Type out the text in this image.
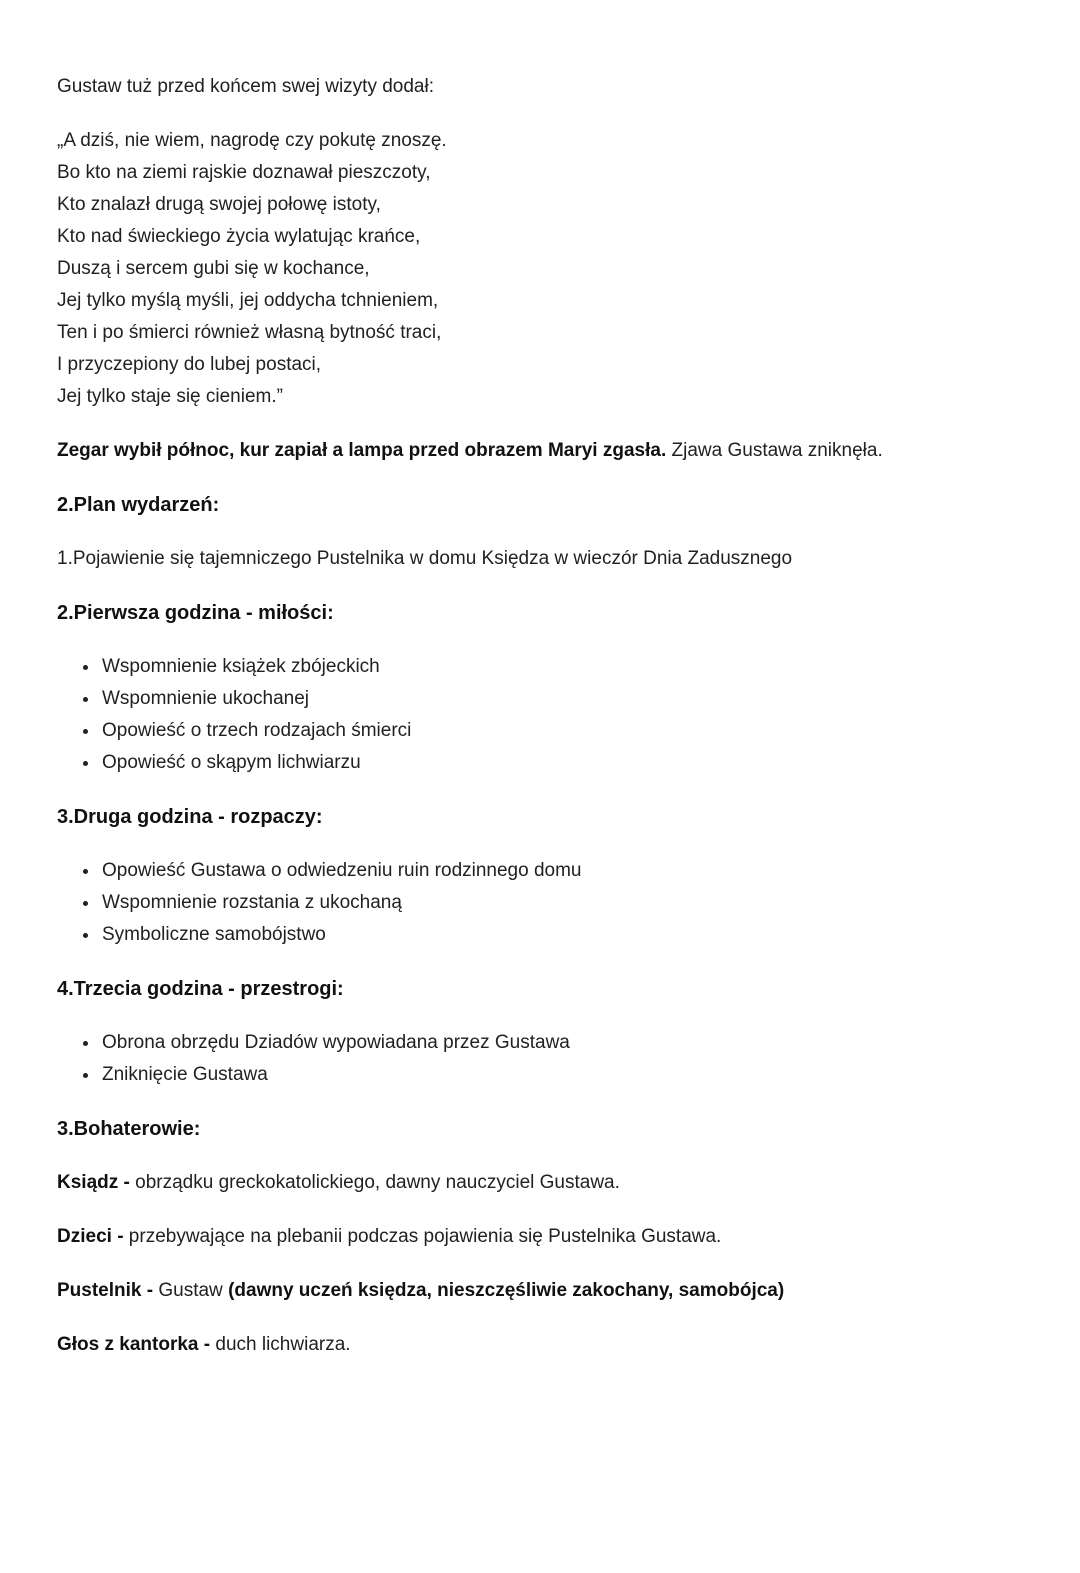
Gustaw tuż przed końcem swej wizyty dodał:

„A dziś, nie wiem, nagrodę czy pokutę znoszę.
Bo kto na ziemi rajskie doznawał pieszczoty,
Kto znalazł drugą swojej połowę istoty,
Kto nad świeckiego życia wylatując krańce,
Duszą i sercem gubi się w kochance,
Jej tylko myślą myśli, jej oddycha tchnieniem,
Ten i po śmierci również własną bytność traci,
I przyczepiony do lubej postaci,
Jej tylko staje się cieniem.”

Zegar wybił północ, kur zapiał a lampa przed obrazem Maryi zgasła. Zjawa Gustawa zniknęła.

2.Plan wydarzeń:

1.Pojawienie się tajemniczego Pustelnika w domu Księdza w wieczór Dnia Zadusznego

2.Pierwsza godzina - miłości:
• Wspomnienie książek zbójeckich
• Wspomnienie ukochanej
• Opowieść o trzech rodzajach śmierci
• Opowieść o skąpym lichwiarzu
3.Druga godzina - rozpaczy:
• Opowieść Gustawa o odwiedzeniu ruin rodzinnego domu
• Wspomnienie rozstania z ukochaną
• Symboliczne samobójstwo
4.Trzecia godzina - przestrogi:
• Obrona obrzędu Dziadów wypowiadana przez Gustawa
• Zniknięcie Gustawa
3.Bohaterowie:

Ksiądz - obrządku greckokatolickiego, dawny nauczyciel Gustawa.

Dzieci - przebywające na plebanii podczas pojawienia się Pustelnika Gustawa.

Pustelnik - Gustaw (dawny uczeń księdza, nieszczęśliwie zakochany, samobójca)

Głos z kantorka - duch lichwiarza.
